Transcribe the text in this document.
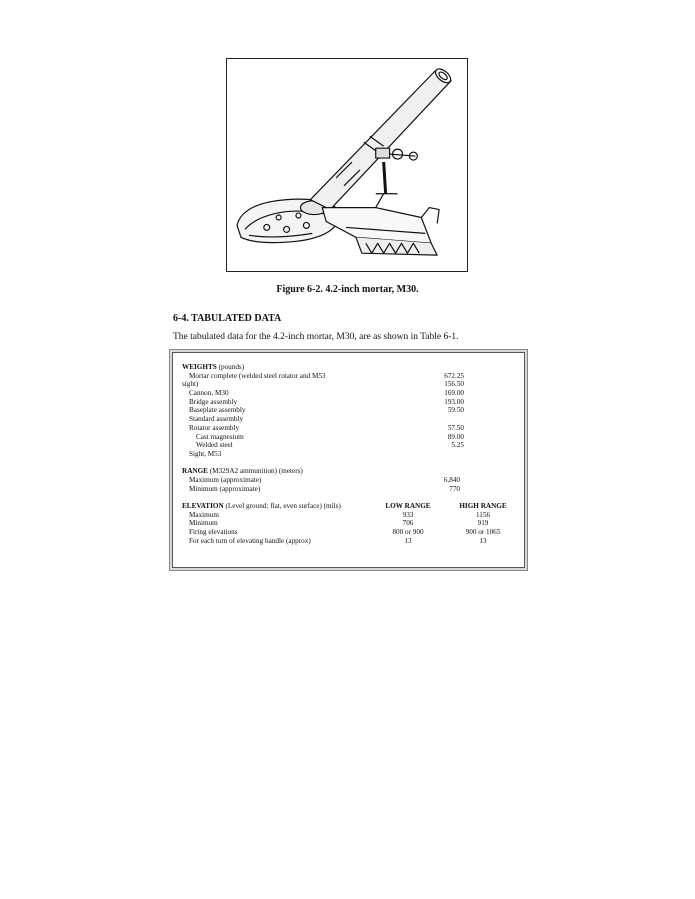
Figure 6-2. 4.2-inch mortar, M30.
6-4. TABULATED DATA
The tabulated data for the 4.2-inch mortar, M30, are as shown in Table 6-1.
WEIGHTS (pounds)
Mortar complete (welded steel rotator and M53	672.25
sight)	156.50
Cannon, M30	169.00
Bridge assembly	193.00
Baseplate assembly	59.50
Standard assembly
Rotator assembly	57.50
Cast magnesium	89.00
Welded steel	5.25
Sight, M53
RANGE (M329A2 ammunition) (meters)
Maximum (approximate)	6,840
Minimum (approximate)	770
ELEVATION (Level ground; flat, even surface) (mils)	LOW RANGE	HIGH RANGE
Maximum	933	1156
Minimum	706	919
Firing elevations	800 or 900	900 or 1065
For each turn of elevating handle (approx)	13	13
